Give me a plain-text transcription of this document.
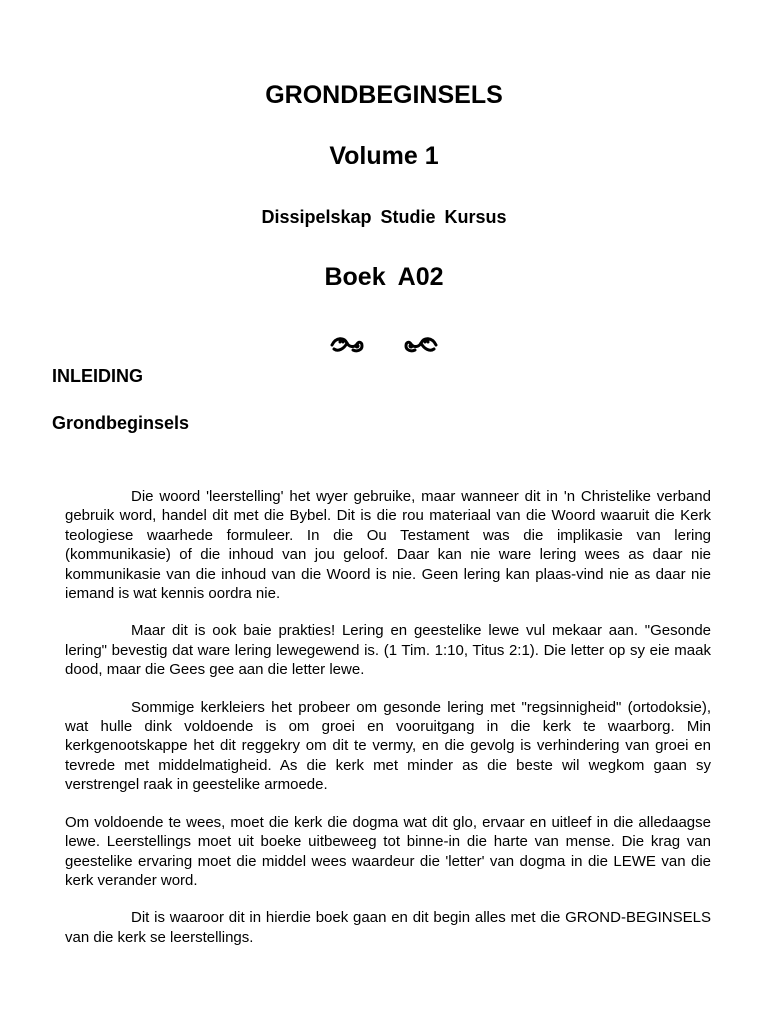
GRONDBEGINSELS
Volume 1
Dissipelskap Studie Kursus
Boek A02

INLEIDING
Grondbeginsels

Die woord 'leerstelling' het wyer gebruike, maar wanneer dit in 'n Christelike verband gebruik word, handel dit met die Bybel. Dit is die rou materiaal van die Woord waaruit die Kerk teologiese waarhede formuleer. In die Ou Testament was die implikasie van lering (kommunikasie) of die inhoud van jou geloof. Daar kan nie ware lering wees as daar nie kommunikasie van die inhoud van die Woord is nie. Geen lering kan plaas-vind nie as daar nie iemand is wat kennis oordra nie.

Maar dit is ook baie prakties! Lering en geestelike lewe vul mekaar aan. "Gesonde lering" bevestig dat ware lering lewegewend is. (1 Tim. 1:10, Titus 2:1). Die letter op sy eie maak dood, maar die Gees gee aan die letter lewe.

Sommige kerkleiers het probeer om gesonde lering met "regsinnigheid" (ortodoksie), wat hulle dink voldoende is om groei en vooruitgang in die kerk te waarborg. Min kerkgenootskappe het dit reggekry om dit te vermy, en die gevolg is verhindering van groei en tevrede met middelmatigheid. As die kerk met minder as die beste wil wegkom gaan sy verstrengel raak in geestelike armoede.

Om voldoende te wees, moet die kerk die dogma wat dit glo, ervaar en uitleef in die alledaagse lewe. Leerstellings moet uit boeke uitbeweeg tot binne-in die harte van mense. Die krag van geestelike ervaring moet die middel wees waardeur die 'letter' van dogma in die LEWE van die kerk verander word.

Dit is waaroor dit in hierdie boek gaan en dit begin alles met die GROND-BEGINSELS van die kerk se leerstellings.
